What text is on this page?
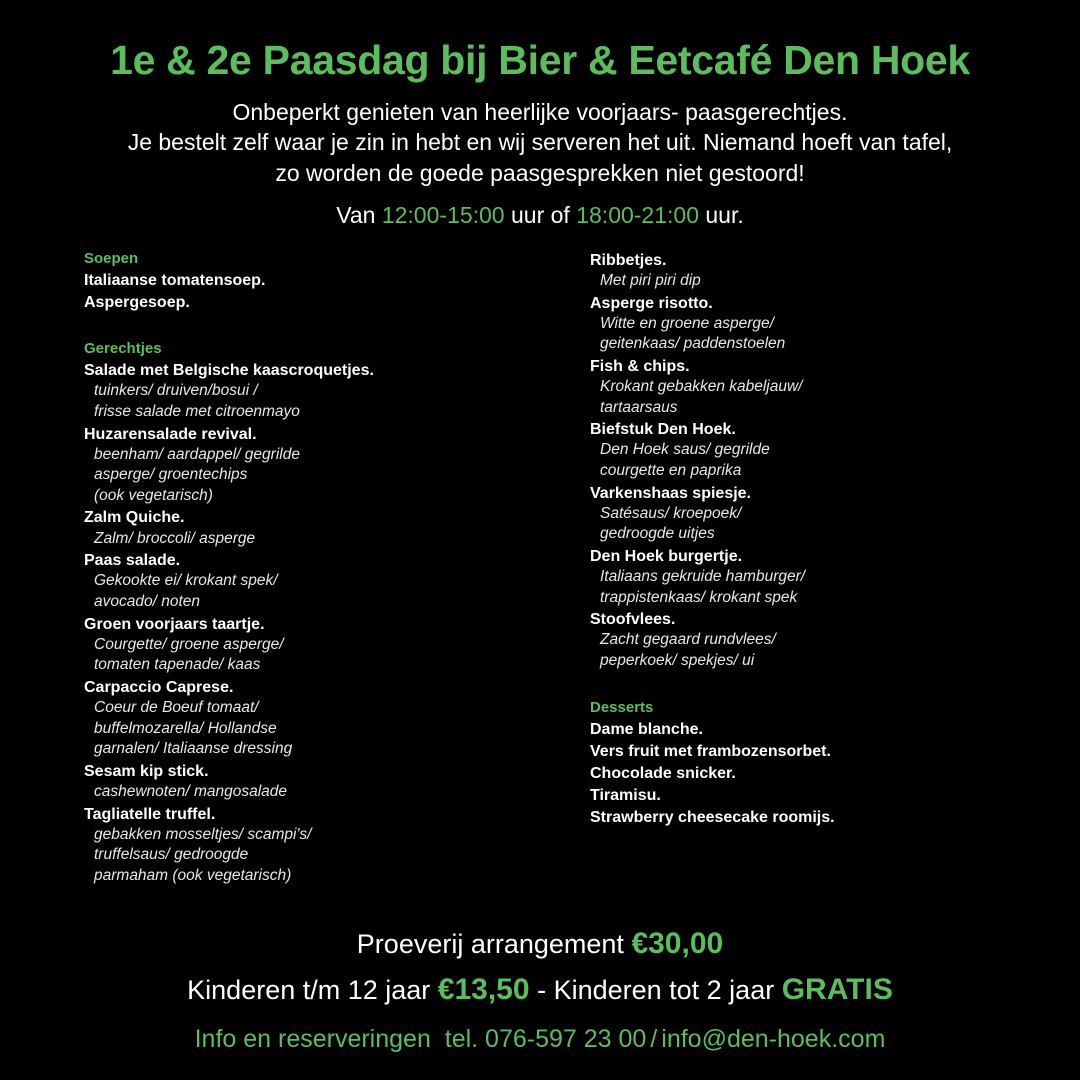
1e & 2e Paasdag bij Bier & Eetcafé Den Hoek
Onbeperkt genieten van heerlijke voorjaars- paasgerechtjes.
Je bestelt zelf waar je zin in hebt en wij serveren het uit. Niemand hoeft van tafel,
zo worden de goede paasgesprekken niet gestoord!
Van 12:00-15:00 uur of 18:00-21:00 uur.
Soepen
Italiaanse tomatensoep.
Aspergesoep.
Gerechtjes
Salade met Belgische kaascroquetjes.
tuinkers/ druiven/bosui /
frisse salade met citroenmayo
Huzarensalade revival.
beenham/ aardappel/ gegrilde
asperge/ groentechips
(ook vegetarisch)
Zalm Quiche.
Zalm/ broccoli/ asperge
Paas salade.
Gekookte ei/ krokant spek/
avocado/ noten
Groen voorjaars taartje.
Courgette/ groene asperge/
tomaten tapenade/ kaas
Carpaccio Caprese.
Coeur de Boeuf tomaat/
buffelmozarella/ Hollandse
garnalen/ Italiaanse dressing
Sesam kip stick.
cashewnoten/ mangosalade
Tagliatelle truffel.
gebakken mosseltjes/ scampi's/
truffelsaus/ gedroogde
parmaham (ook vegetarisch)
Ribbetjes.
Met piri piri dip
Asperge risotto.
Witte en groene asperge/
geitenkaas/ paddenstoelen
Fish & chips.
Krokant gebakken kabeljauw/
tartaarsaus
Biefstuk Den Hoek.
Den Hoek saus/ gegrilde
courgette en paprika
Varkenshaas spiesje.
Satésaus/ kroepoek/
gedroogde uitjes
Den Hoek burgertje.
Italiaans gekruide hamburger/
trappistenkaas/ krokant spek
Stoofvlees.
Zacht gegaard rundvlees/
peperkoek/ spekjes/ ui
Desserts
Dame blanche.
Vers fruit met frambozensorbet.
Chocolade snicker.
Tiramisu.
Strawberry cheesecake roomijs.
Proeverij arrangement €30,00
Kinderen t/m 12 jaar €13,50 - Kinderen tot 2 jaar GRATIS
Info en reserveringen tel. 076-597 23 00 / info@den-hoek.com
